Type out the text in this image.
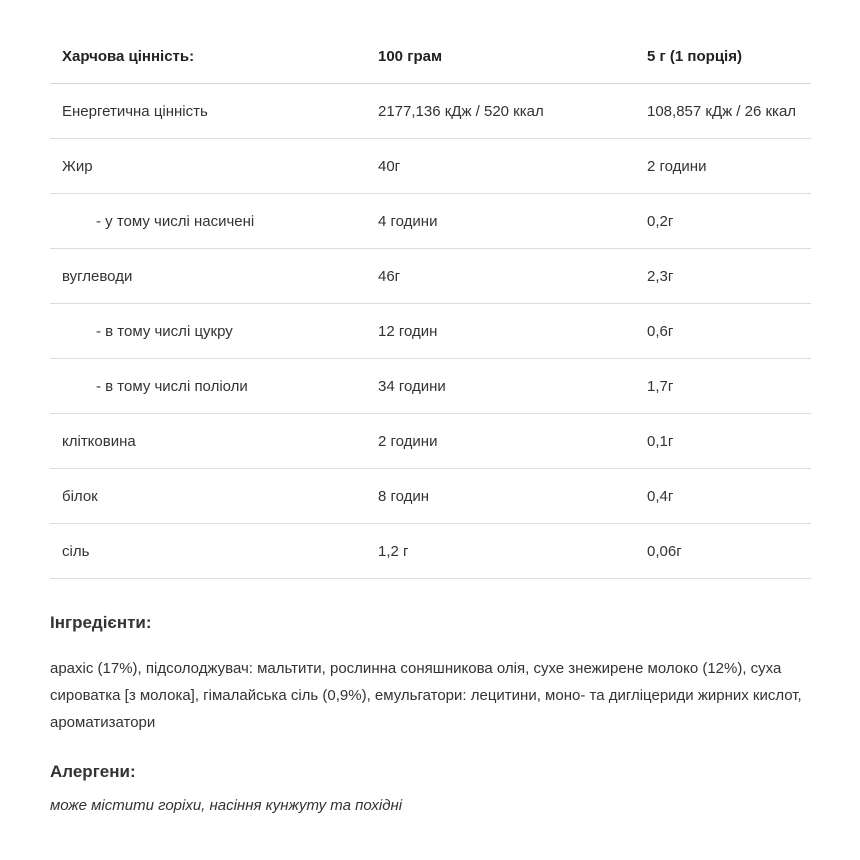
Харчова цінність:	100 грам	5 г (1 порція)
Енергетична цінність	2177,136 кДж / 520 ккал	108,857 кДж / 26 ккал
Жир	40г	2 години
- у тому числі насичені	4 години	0,2г
вуглеводи	46г	2,3г
- в тому числі цукру	12 годин	0,6г
- в тому числі поліоли	34 години	1,7г
клітковина	2 години	0,1г
білок	8 годин	0,4г
сіль	1,2 г	0,06г
Інгредієнти:

арахіс (17%), підсолоджувач: мальтити, рослинна соняшникова олія, сухе знежирене молоко (12%), суха сироватка [з молока], гімалайська сіль (0,9%), емульгатори: лецитини, моно- та дигліцериди жирних кислот, ароматизатори

Алергени:

може містити горіхи, насіння кунжуту та похідні
